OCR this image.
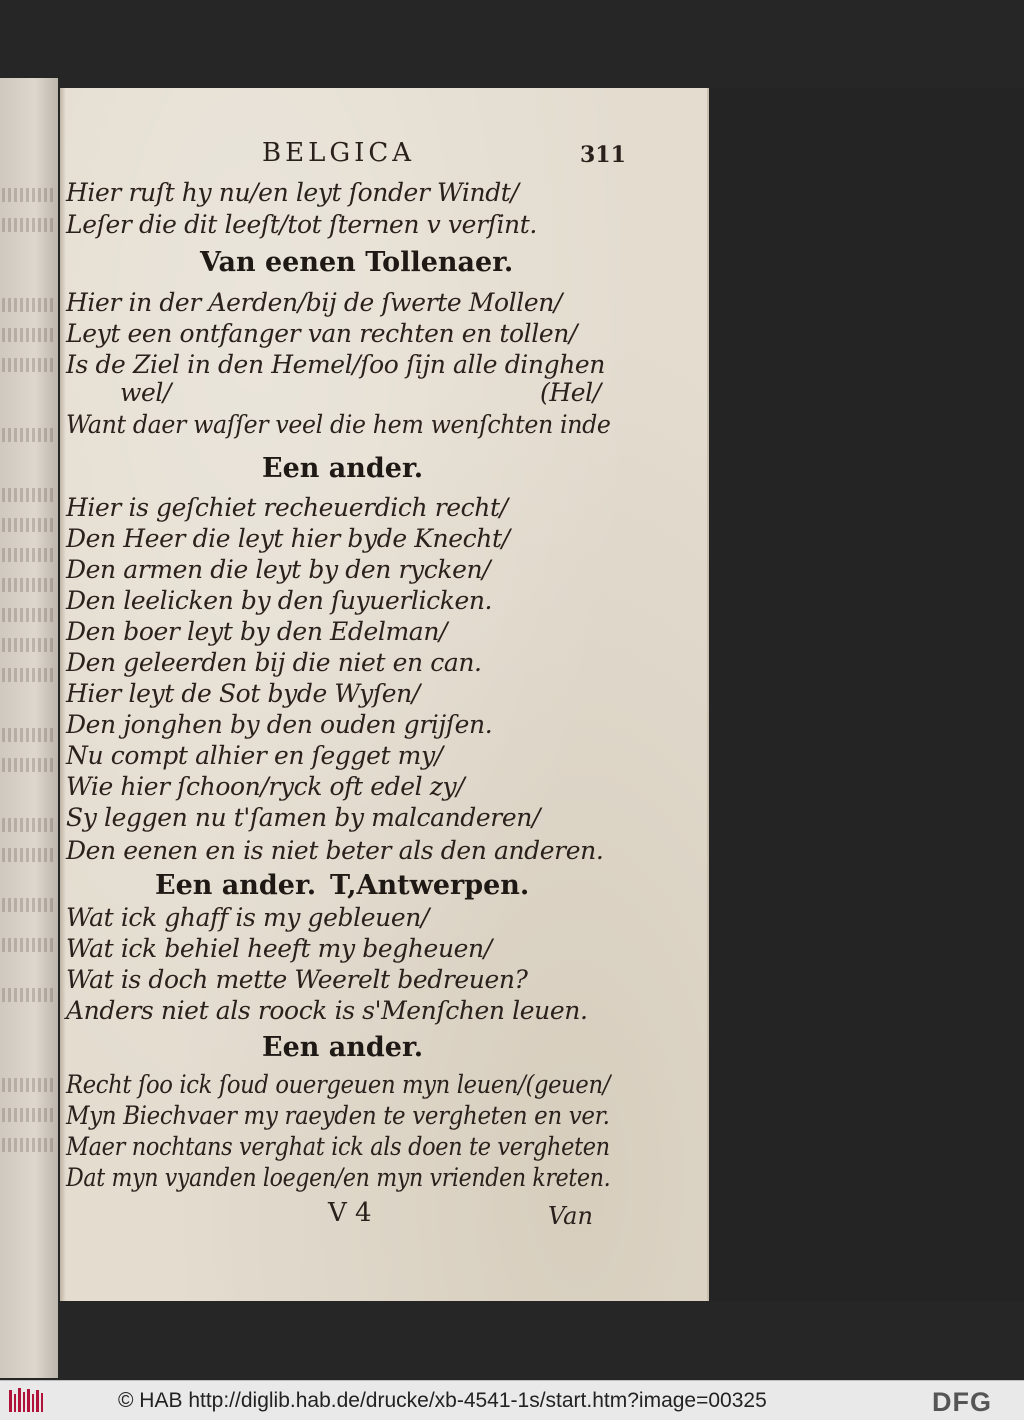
BELGICA	311
Hier ruſt hy nu/en leyt ſonder Windt/
Leſer die dit leeſt/tot ſternen v verſint.
Van eenen Tollenaer.
Hier in der Aerden/bij de ſwerte Mollen/
Leyt een ontfanger van rechten en tollen/
Is de Ziel in den Hemel/ſoo ſijn alle dinghen
wel/	(Hel/
Want daer waſſer veel die hem wenſchten inde
Een ander.
Hier is geſchiet recheuerdich recht/
Den Heer die leyt hier byde Knecht/
Den armen die leyt by den rycken/
Den leelicken by den ſuyuerlicken.
Den boer leyt by den Edelman/
Den geleerden bij die niet en can.
Hier leyt de Sot byde Wyſen/
Den jonghen by den ouden grijſen.
Nu compt alhier en ſegget my/
Wie hier ſchoon/ryck oft edel zy/
Sy leggen nu t'ſamen by malcanderen/
Den eenen en is niet beter als den anderen.
Een ander. T,Antwerpen.
Wat ick ghaff is my gebleuen/
Wat ick behiel heeft my begheuen/
Wat is doch mette Weerelt bedreuen?
Anders niet als roock is s'Menſchen leuen.
Een ander.
Recht ſoo ick ſoud ouergeuen myn leuen/(geuen/
Myn Biechvaer my raeyden te vergheten en ver.
Maer nochtans verghat ick als doen te vergheten
Dat myn vyanden loegen/en myn vrienden kreten.
V 4	Van
© HAB http://diglib.hab.de/drucke/xb-4541-1s/start.htm?image=00325	DFG
